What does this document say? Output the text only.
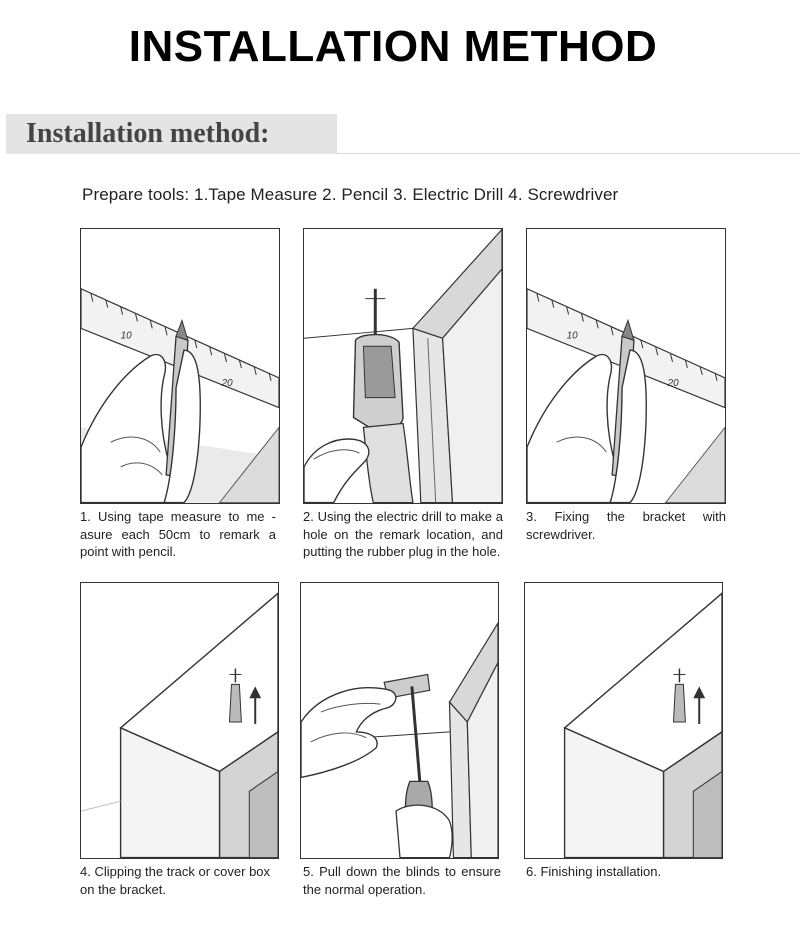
INSTALLATION METHOD
Installation method:
Prepare tools: 1.Tape Measure 2. Pencil 3. Electric Drill 4. Screwdriver
10
20

1. Using tape measure to me -asure each 50cm to remark a point with pencil.

2. Using the electric drill to make a hole on the remark location, and putting the rubber plug in the hole.

10
20

3. Fixing the bracket with screwdriver.

4. Clipping the track or cover box on the bracket.

5. Pull down the blinds to ensure the normal operation.

6. Finishing installation.
